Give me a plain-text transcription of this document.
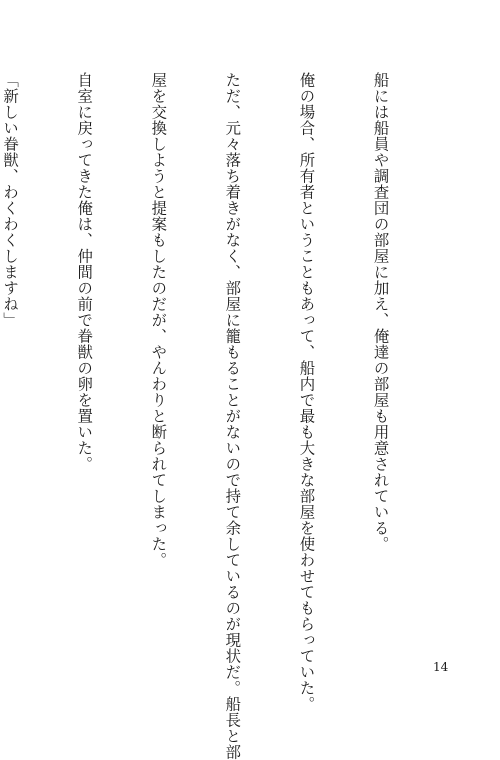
船には船員や調査団の部屋に加え、俺達の部屋も用意されている。

俺の場合、所有者ということもあって、船内で最も大きな部屋を使わせてもらっていた。

ただ、元々落ち着きがなく、部屋に籠もることがないので持て余しているのが現状だ。船長と部

屋を交換しようと提案もしたのだが、やんわりと断られてしまった。

自室に戻ってきた俺は、仲間の前で眷獣の卵を置いた。

「新しい眷獣、わくわくしますね」

14
